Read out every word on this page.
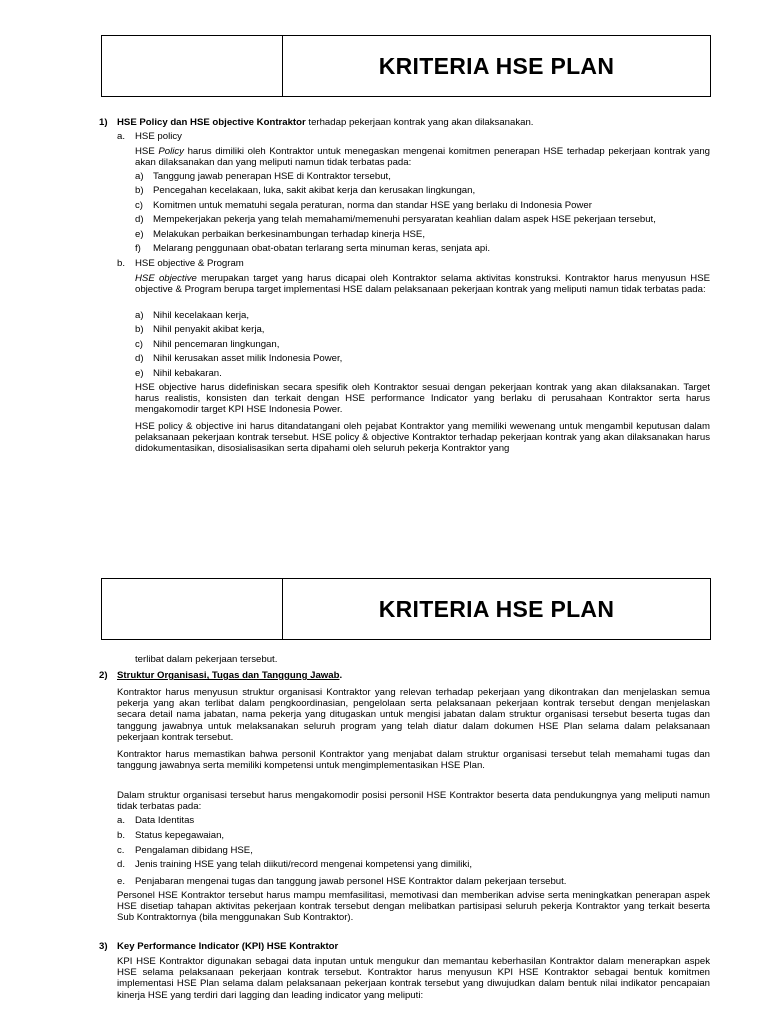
KRITERIA HSE PLAN
1) HSE Policy dan HSE objective Kontraktor terhadap pekerjaan kontrak yang akan dilaksanakan.
a. HSE policy
HSE Policy harus dimiliki oleh Kontraktor untuk menegaskan mengenai komitmen penerapan HSE terhadap pekerjaan kontrak yang akan dilaksanakan dan yang meliputi namun tidak terbatas pada:
a) Tanggung jawab penerapan HSE di Kontraktor tersebut,
b) Pencegahan kecelakaan, luka, sakit akibat kerja dan kerusakan lingkungan,
c) Komitmen untuk mematuhi segala peraturan, norma dan standar HSE yang berlaku di Indonesia Power
d) Mempekerjakan pekerja yang telah memahami/memenuhi persyaratan keahlian dalam aspek HSE pekerjaan tersebut,
e) Melakukan perbaikan berkesinambungan terhadap kinerja HSE,
f) Melarang penggunaan obat-obatan terlarang serta minuman keras, senjata api.
b. HSE objective & Program
HSE objective merupakan target yang harus dicapai oleh Kontraktor selama aktivitas konstruksi. Kontraktor harus menyusun HSE objective & Program berupa target implementasi HSE dalam pelaksanaan pekerjaan kontrak yang meliputi namun tidak terbatas pada:
a) Nihil kecelakaan kerja,
b) Nihil penyakit akibat kerja,
c) Nihil pencemaran lingkungan,
d) Nihil kerusakan asset milik Indonesia Power,
e) Nihil kebakaran.
HSE objective harus didefiniskan secara spesifik oleh Kontraktor sesuai dengan pekerjaan kontrak yang akan dilaksanakan. Target harus realistis, konsisten dan terkait dengan HSE performance Indicator yang berlaku di perusahaan Kontraktor serta harus mengakomodir target KPI HSE Indonesia Power.
HSE policy & objective ini harus ditandatangani oleh pejabat Kontraktor yang memiliki wewenang untuk mengambil keputusan dalam pelaksanaan pekerjaan kontrak tersebut. HSE policy & objective Kontraktor terhadap pekerjaan kontrak yang akan dilaksanakan harus didokumentasikan, disosialisasikan serta dipahami oleh seluruh pekerja Kontraktor yang
KRITERIA HSE PLAN
terlibat dalam pekerjaan tersebut.
2) Struktur Organisasi, Tugas dan Tanggung Jawab.
Kontraktor harus menyusun struktur organisasi Kontraktor yang relevan terhadap pekerjaan yang dikontrakan dan menjelaskan semua pekerja yang akan terlibat dalam pengkoordinasian, pengelolaan serta pelaksanaan pekerjaan kontrak tersebut dengan menjelaskan secara detail nama jabatan, nama pekerja yang ditugaskan untuk mengisi jabatan dalam struktur organisasi tersebut beserta tugas dan tanggung jawabnya untuk melaksanakan seluruh program yang telah diatur dalam dokumen HSE Plan selama dalam pelaksanaan pekerjaan kontrak tersebut.
Kontraktor harus memastikan bahwa personil Kontraktor yang menjabat dalam struktur organisasi tersebut telah memahami tugas dan tanggung jawabnya serta memiliki kompetensi untuk mengimplementasikan HSE Plan.
Dalam struktur organisasi tersebut harus mengakomodir posisi personil HSE Kontraktor beserta data pendukungnya yang meliputi namun tidak terbatas pada:
a. Data Identitas
b. Status kepegawaian,
c. Pengalaman dibidang HSE,
d. Jenis training HSE yang telah diikuti/record mengenai kompetensi yang dimiliki,
e. Penjabaran mengenai tugas dan tanggung jawab personel HSE Kontraktor dalam pekerjaan tersebut.
Personel HSE Kontraktor tersebut harus mampu memfasilitasi, memotivasi dan memberikan advise serta meningkatkan penerapan aspek HSE disetiap tahapan aktivitas pekerjaan kontrak tersebut dengan melibatkan partisipasi seluruh pekerja Kontraktor yang terkait beserta Sub Kontraktornya (bila menggunakan Sub Kontraktor).
3) Key Performance Indicator (KPI) HSE Kontraktor
KPI HSE Kontraktor digunakan sebagai data inputan untuk mengukur dan memantau keberhasilan Kontraktor dalam menerapkan aspek HSE selama pelaksanaan pekerjaan kontrak tersebut. Kontraktor harus menyusun KPI HSE Kontraktor sebagai bentuk komitmen implementasi HSE Plan selama dalam pelaksanaan pekerjaan kontrak tersebut yang diwujudkan dalam bentuk nilai indikator pencapaian kinerja HSE yang terdiri dari lagging dan leading indicator yang meliputi:
